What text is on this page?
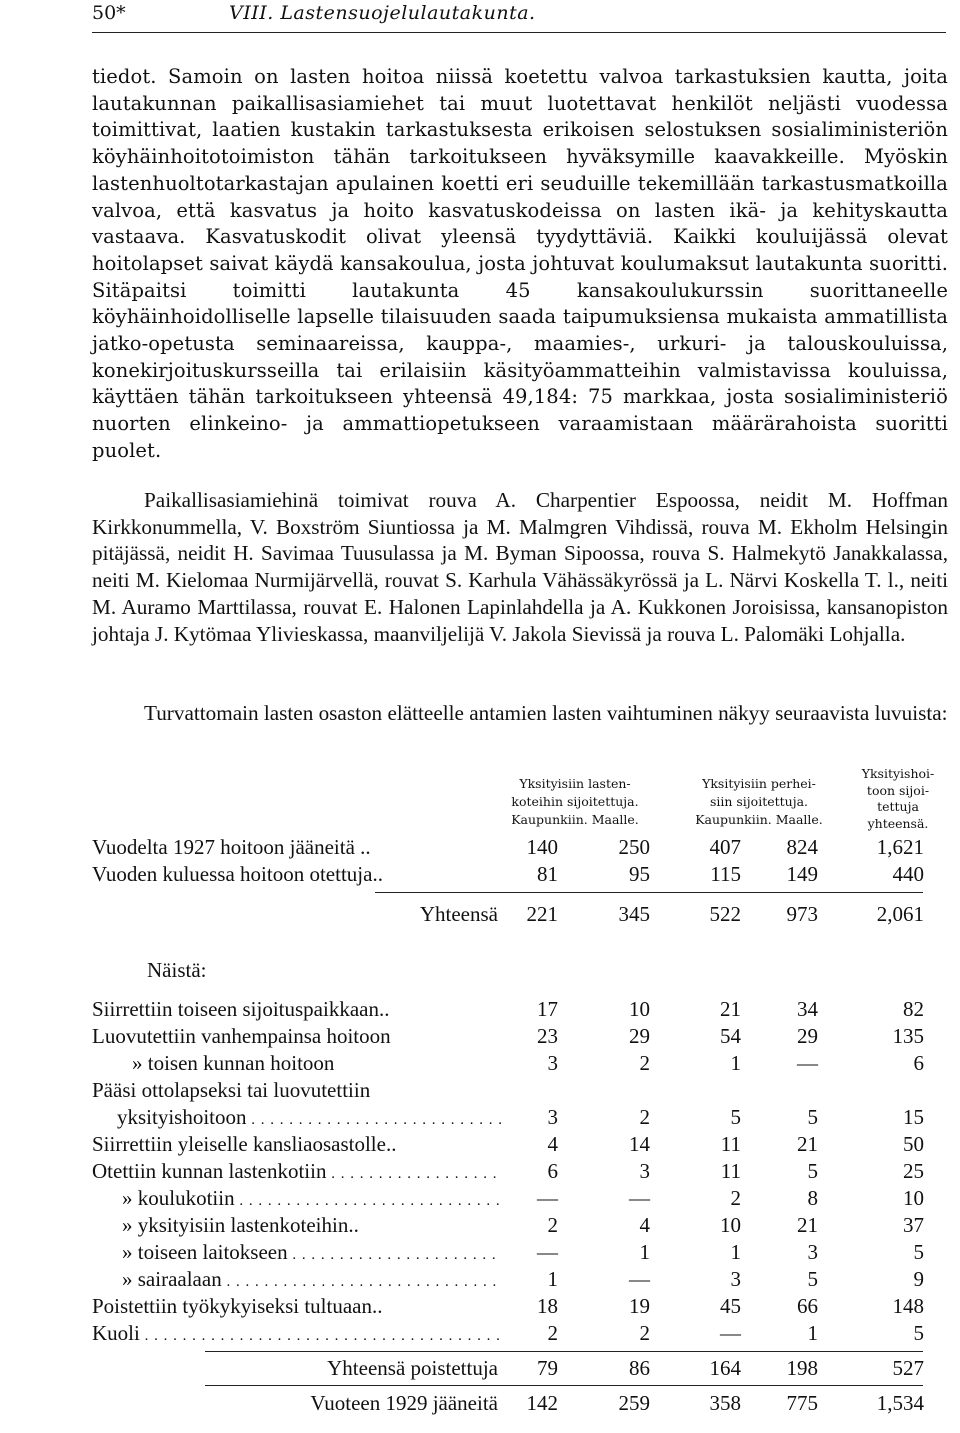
50*	VIII. Lastensuojelulautakunta.

tiedot. Samoin on lasten hoitoa niissä koetettu valvoa tarkastuksien kautta, joita lautakunnan paikallisasiamiehet tai muut luotettavat henkilöt neljästi vuodessa toimittivat, laatien kustakin tarkastuksesta erikoisen selostuksen sosialiministeriön köyhäinhoitotoimiston tähän tarkoitukseen hyväksymille kaavakkeille. Myöskin lastenhuoltotarkastajan apulainen koetti eri seuduille tekemillään tarkastusmatkoilla valvoa, että kasvatus ja hoito kasvatuskodeissa on lasten ikä- ja kehityskautta vastaava. Kasvatuskodit olivat yleensä tyydyttäviä. Kaikki kouluijässä olevat hoitolapset saivat käydä kansakoulua, josta johtuvat koulumaksut lautakunta suoritti. Sitäpaitsi toimitti lautakunta 45 kansakoulukurssin suorittaneelle köyhäinhoidolliselle lapselle tilaisuuden saada taipumuksiensa mukaista ammatillista jatko-opetusta seminaareissa, kauppa-, maamies-, urkuri- ja talouskouluissa, konekirjoituskursseilla tai erilaisiin käsityöammatteihin valmistavissa kouluissa, käyttäen tähän tarkoitukseen yhteensä 49,184: 75 markkaa, josta sosialiministeriö nuorten elinkeino- ja ammattiopetukseen varaamistaan määrärahoista suoritti puolet.

Paikallisasiamiehinä toimivat rouva A. Charpentier Espoossa, neidit M. Hoffman Kirkkonummella, V. Boxström Siuntiossa ja M. Malmgren Vihdissä, rouva M. Ekholm Helsingin pitäjässä, neidit H. Savimaa Tuusulassa ja M. Byman Sipoossa, rouva S. Halmekytö Janakkalassa, neiti M. Kielomaa Nurmijärvellä, rouvat S. Karhula Vähässäkyrössä ja L. Närvi Koskella T. l., neiti M. Auramo Marttilassa, rouvat E. Halonen Lapinlahdella ja A. Kukkonen Joroisissa, kansanopiston johtaja J. Kytömaa Ylivieskassa, maanviljelijä V. Jakola Sievissä ja rouva L. Palomäki Lohjalla.

Turvattomain lasten osaston elätteelle antamien lasten vaihtuminen näkyy seuraavista luvuista:

Yksityisiin lasten-
koteihin sijoitettuja.
Kaupunkiin. Maalle.
Yksityisiin perhei-
siin sijoitettuja.
Kaupunkiin. Maalle.
Yksityishoi-
toon sijoi-
tettuja
yhteensä.
Vuodelta 1927 hoitoon jääneitä ..	140	250	407	824	1,621
Vuoden kuluessa hoitoon otettuja..	81	95	115	149	440
Yhteensä	221	345	522	973	2,061
Näistä:
Siirrettiin toiseen sijoituspaikkaan..	17	10	21	34	82
Luovutettiin vanhempainsa hoitoon	23	29	54	29	135
» toisen kunnan hoitoon	3	2	1	—	6
Pääsi ottolapseksi tai luovutettiin
yksityishoitoon . . .	3	2	5	5	15
Siirrettiin yleiselle kansliaosastolle..	4	14	11	21	50
Otettiin kunnan lastenkotiin . . .	6	3	11	5	25
» koulukotiin . . .	—	—	2	8	10
» yksityisiin lastenkoteihin..	2	4	10	21	37
» toiseen laitokseen . . .	—	1	1	3	5
» sairaalaan . . .	1	—	3	5	9
Poistettiin työkykyiseksi tultuaan..	18	19	45	66	148
Kuoli . . .	2	2	—	1	5
Yhteensä poistettuja	79	86	164	198	527
Vuoteen 1929 jääneitä	142	259	358	775	1,534
